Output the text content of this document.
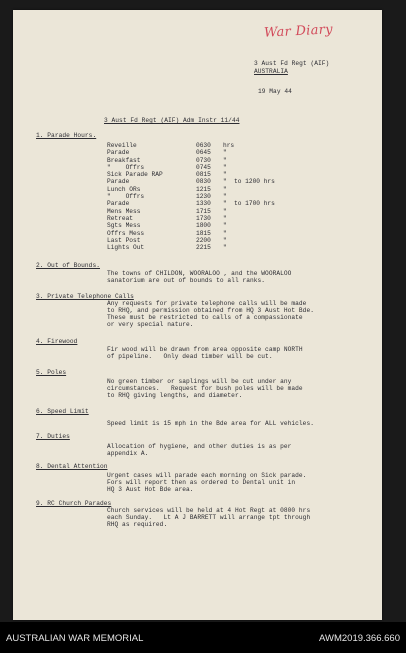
War Diary
3 Aust Fd Regt (AIF)
AUSTRALIA
19 May 44
3 Aust Fd Regt (AIF) Adm Instr 11/44
1. Parade Hours.
Reveille	0630 hrs
Parade	0645 "
Breakfast	0730 "
"    Offrs	0745 "
Sick Parade RAP	0815 "
Parade	0830 " to 1200 hrs
Lunch ORs	1215 "
"    Offrs	1230 "
Parade	1330 " to 1700 hrs
Mens Mess	1715 "
Retreat	1730 "
Sgts Mess	1800 "
Offrs Mess	1815 "
Last Post	2200 "
Lights Out	2215 "
2. Out of Bounds.
The towns of CHILDON, WOORALOO , and the WOORALOO
sanatorium are out of bounds to all ranks.
3. Private Telephone Calls
Any requests for private telephone calls will be made
to RHQ, and permission obtained from HQ 3 Aust Hot Bde.
These must be restricted to calls of a compassionate
or very special nature.
4. Firewood
Fir wood will be drawn from area opposite camp NORTH
of pipeline.   Only dead timber will be cut.
5. Poles
No green timber or saplings will be cut under any
circumstances.   Request for bush poles will be made
to RHQ giving lengths, and diameter.
6. Speed Limit
Speed limit is 15 mph in the Bde area for ALL vehicles.
7. Duties
Allocation of hygiene, and other duties is as per
appendix A.
8. Dental Attention
Urgent cases will parade each morning on Sick parade.
Fors will report then as ordered to Dental unit in
HQ 3 Aust Hot Bde area.
9. RC Church Parades
Church services will be held at 4 Hot Regt at 0800 hrs
each Sunday.   Lt A J BARRETT will arrange tpt through
RHQ as required.
AUSTRALIAN WAR MEMORIAL	AWM2019.366.660
